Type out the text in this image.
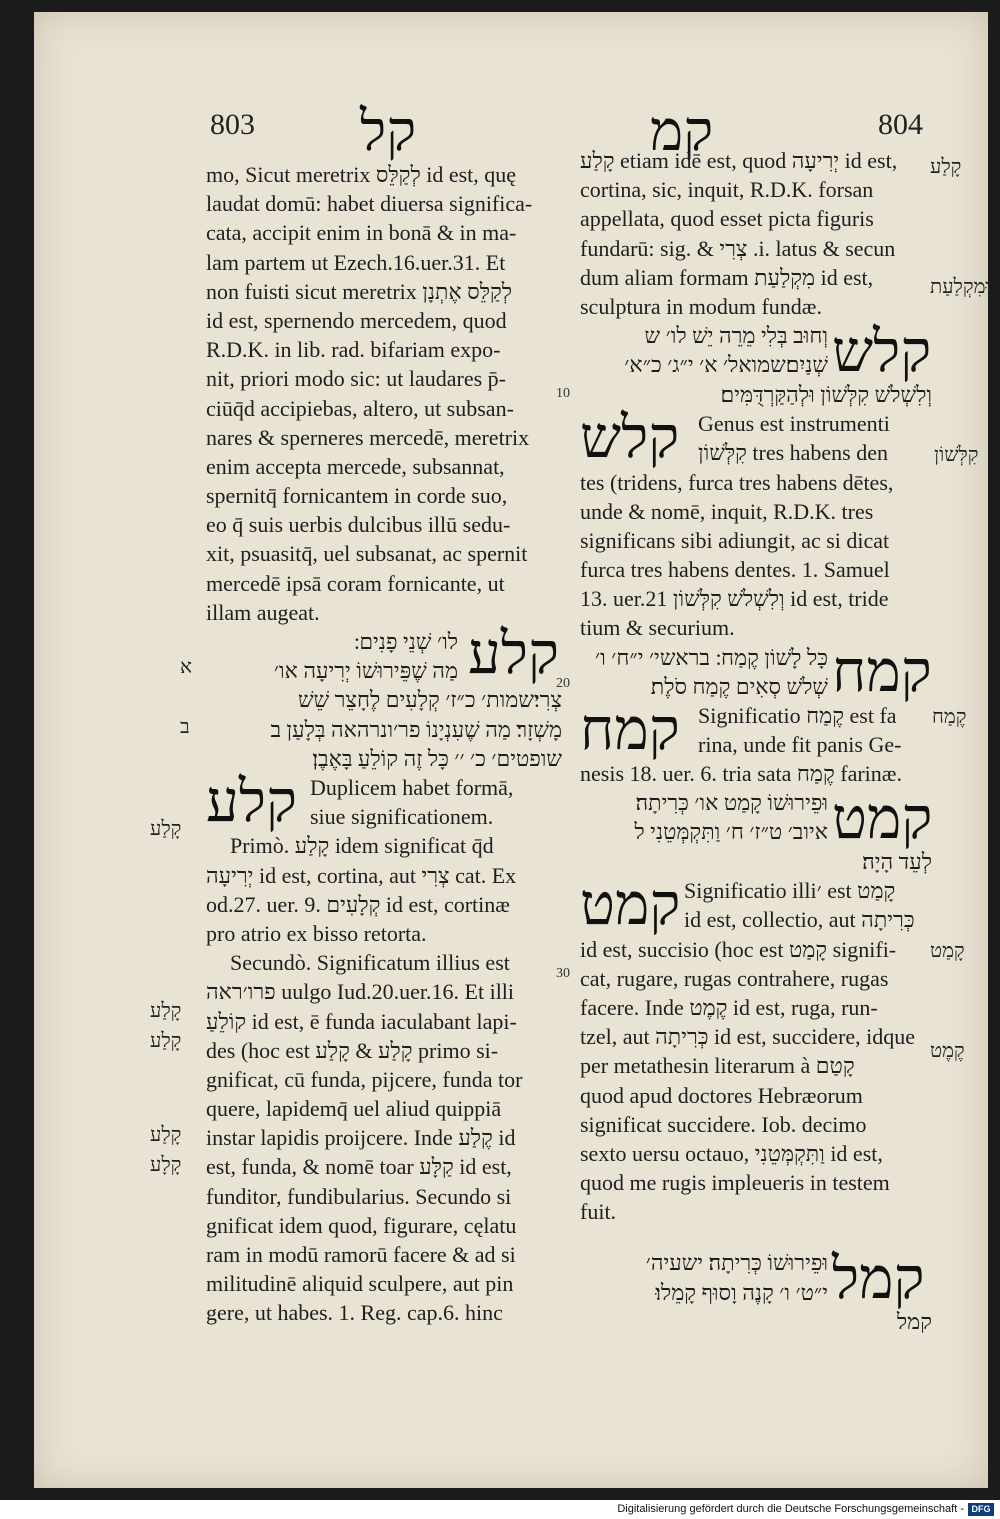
803 קל	קמ	804
mo, Sicut meretrix לְקַלֵּס id est, quę
laudat domū: habet diuersa significa-
cata, accipit enim in bonā & in ma-
lam partem ut Ezech.16.uer.31. Et
non fuisti sicut meretrix לְקַלֵּס אֶתְנָן
id est, spernendo mercedem, quod
R.D.K. in lib. rad. bifariam expo-
nit, priori modo sic: ut laudares p̄-
ciūq̄d accipiebas, altero, ut subsan-
nares & sperneres mercedē, meretrix
enim accepta mercede, subsannat,
spernitq̄ fornicantem in corde suo,
eo q̄ suis uerbis dulcibus illū sedu-
xit, psuasitq̄, uel subsanat, ac spernit
mercedē ipsā coram fornicante, ut
illam augeat.
קלע
לו׳ שְׁנֵי פָנִים ׃
מַה שֶׁפֵּירוּשׁוֹ יְרִיעָה או׳
צְרִי׃שמות׳ כ״ז׳ קְלָעִים לֶחָצֵר שֵׁשׁ
מָשְׁזָר׃ מַה שֶׁעִנְיָנוֹ פר׳ונרהאה בְּלָעַן ב
שופטים׳ כ׳ ׳׳ כָּל זֶה קוֹלֵעַ בָּאֶבֶן׃
קלע Duplicem habet formā,
siue significationem.
Primò. קָלַע idem significat q̄d
יְרִיעָה id est, cortina, aut צְרִי cat. Ex
od.27. uer. 9. קְלָעִים id est, cortinæ
pro atrio ex bisso retorta.
Secundò. Significatum illius est
פרו׳ראה uulgo Iud.20.uer.16. Et illi
קוֹלֵעַ id est, ē funda iaculabant lapi-
des (hoc est קָלַע & קָלַע primo si-
gnificat, cū funda, pijcere, funda tor
quere, lapidemq̄ uel aliud quippiā
instar lapidis proijcere. Inde קֶלַע id
est, funda, & nomē toar קַלָּע id est,
funditor, fundibularius. Secundo si
gnificat idem quod, figurare, cęlatu
ram in modū ramorū facere & ad si
militudinē aliquid sculpere, aut pin
gere, ut habes. 1. Reg. cap.6. hinc
10
20
30
א
ב
קָלַע
קָלַע
קָלַע
קָלַע
קָלָע
קָלַע etiam idē est, quod יְרִיעָה id est,
cortina, sic, inquit, R.D.K. forsan
appellata, quod esset picta figuris
fundarū: sig. & צְרִי .i. latus & secun
dum aliam formam מִקְלַעַת id est,
sculptura in modum fundæ.
קלש
וְחוּב בְּלִי מֵרֵה יֵשׁ לו׳ ש
שְׁנַיִם׃שמואל׳ א׳ י״ג׳ כ״א׳
וְלִשְׁלֹשׁ קִלְּשׁוֹן וּלְהַקַּרְדֻּמִּים׃
קלש Genus est instrumenti
קִלְּשׁוֹן tres habens den
tes (tridens, furca tres habens dētes,
unde & nomē, inquit, R.D.K. tres
significans sibi adiungit, ac si dicat
furca tres habens dentes. 1. Samuel
13. uer.21 וְלִשְׁלֹשׁ קִלְּשׁוֹן id est, tride
tium & securium.
קמח
כָּל לָשׁוֹן קֶמַח ׃ בראשי׳ י״ח׳ ו׳
שְׁלֹשׁ סְאִים קֶמַח סֹלֶת׃
קמח Significatio קֶמַח est fa
rina, unde fit panis Ge-
nesis 18. uer. 6. tria sata קֶמַח farinæ.
קמט
וּפֵירוּשׁוֹ קָמַט או׳ כְּרִיתָה׃
איוב׳ ט״ז׳ ח׳ וַתִּקְמְּטֵנִי ל
לְעֵד הָיָה׃
קמט Significatio illi׳ est קָמַט
id est, collectio, aut כְּרִיתָה
id est, succisio (hoc est קָמַט signifi-
cat, rugare, rugas contrahere, rugas
facere. Inde קֶמֶט id est, ruga, run-
tzel, aut כְּרִיתָה id est, succidere, idque
per metathesin literarum à קָטַם
quod apud doctores Hebræorum
significat succidere. Iob. decimo
sexto uersu octauo, וַתִּקְמְּטֵנִי id est,
quod me rugis impleueris in testem
fuit.
קמל
וּפֵירוּשׁוֹ כְּרִיתָה׃ ישעיה׳
י״ט׳ ו׳ קָנֶה וָסוּף קָמֵלוּ׃
קמל
קָלַע
וּמִקְלַעַת
קִלְּשׁוֹן
קֶמַח
קָמַט
קֶמֶט
Digitalisierung gefördert durch die Deutsche Forschungsgemeinschaft - DFG
